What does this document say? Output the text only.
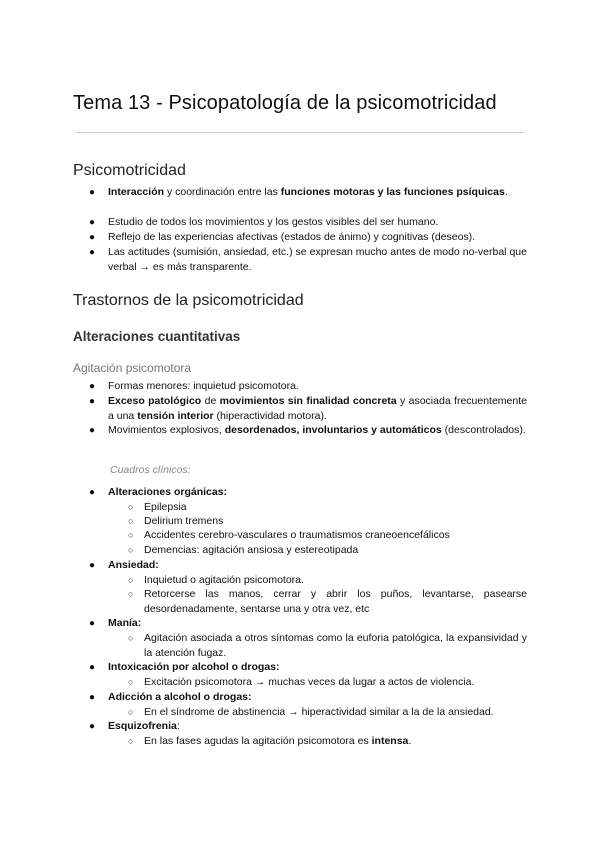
Tema 13 - Psicopatología de la psicomotricidad
Psicomotricidad
● Interacción y coordinación entre las funciones motoras y las funciones psíquicas.
● Estudio de todos los movimientos y los gestos visibles del ser humano.
● Reflejo de las experiencias afectivas (estados de ánimo) y cognitivas (deseos).
● Las actitudes (sumisión, ansiedad, etc.) se expresan mucho antes de modo no-verbal que verbal → es más transparente.
Trastornos de la psicomotricidad
Alteraciones cuantitativas
Agitación psicomotora
● Formas menores: inquietud psicomotora.
● Exceso patológico de movimientos sin finalidad concreta y asociada frecuentemente a una tensión interior (hiperactividad motora).
● Movimientos explosivos, desordenados, involuntarios y automáticos (descontrolados).
Cuadros clínicos:
● Alteraciones orgánicas:
○ Epilepsia
○ Delirium tremens
○ Accidentes cerebro-vasculares o traumatismos craneoencefálicos
○ Demencias: agitación ansiosa y estereotipada
● Ansiedad:
○ Inquietud o agitación psicomotora.
○ Retorcerse las manos, cerrar y abrir los puños, levantarse, pasearse desordenadamente, sentarse una y otra vez, etc
● Manía:
○ Agitación asociada a otros síntomas como la euforia patológica, la expansividad y la atención fugaz.
● Intoxicación por alcohol o drogas:
○ Excitación psicomotora → muchas veces da lugar a actos de violencia.
● Adicción a alcohol o drogas:
○ En el síndrome de abstinencia → hiperactividad similar a la de la ansiedad.
● Esquizofrenia:
○ En las fases agudas la agitación psicomotora es intensa.
